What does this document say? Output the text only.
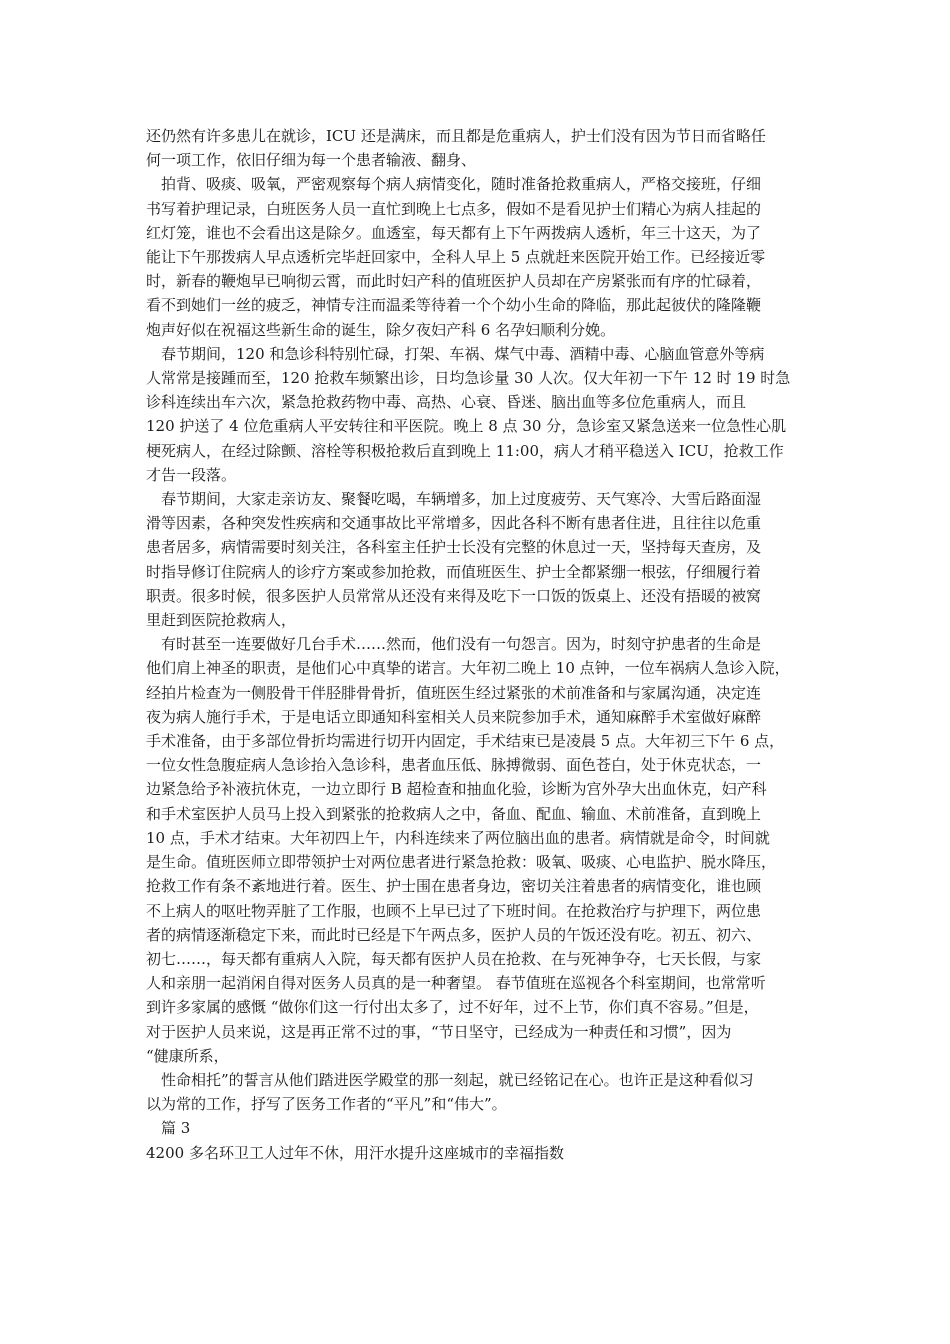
还仍然有许多患儿在就诊，ICU 还是满床，而且都是危重病人，护士们没有因为节日而省略任
何一项工作，依旧仔细为每一个患者输液、翻身、

　拍背、吸痰、吸氧，严密观察每个病人病情变化，随时准备抢救重病人，严格交接班，仔细
书写着护理记录，白班医务人员一直忙到晚上七点多，假如不是看见护士们精心为病人挂起的
红灯笼，谁也不会看出这是除夕。血透室，每天都有上下午两拨病人透析，年三十这天，为了
能让下午那拨病人早点透析完毕赶回家中，全科人早上 5 点就赶来医院开始工作。已经接近零
时，新春的鞭炮早已响彻云霄，而此时妇产科的值班医护人员却在产房紧张而有序的忙碌着，
看不到她们一丝的疲乏，神情专注而温柔等待着一个个幼小生命的降临，那此起彼伏的隆隆鞭
炮声好似在祝福这些新生命的诞生，除夕夜妇产科 6 名孕妇顺利分娩。

　春节期间，120 和急诊科特别忙碌，打架、车祸、煤气中毒、酒精中毒、心脑血管意外等病
人常常是接踵而至，120 抢救车频繁出诊，日均急诊量 30 人次。仅大年初一下午 12 时 19 时急
诊科连续出车六次，紧急抢救药物中毒、高热、心衰、昏迷、脑出血等多位危重病人，而且
120 护送了 4 位危重病人平安转往和平医院。晚上 8 点 30 分，急诊室又紧急送来一位急性心肌
梗死病人，在经过除颤、溶栓等积极抢救后直到晚上 11:00，病人才稍平稳送入 ICU，抢救工作
才告一段落。

　春节期间，大家走亲访友、聚餐吃喝，车辆增多，加上过度疲劳、天气寒冷、大雪后路面湿
滑等因素，各种突发性疾病和交通事故比平常增多，因此各科不断有患者住进，且往往以危重
患者居多，病情需要时刻关注，各科室主任护士长没有完整的休息过一天，坚持每天查房，及
时指导修订住院病人的诊疗方案或参加抢救，而值班医生、护士全都紧绷一根弦，仔细履行着
职责。很多时候，很多医护人员常常从还没有来得及吃下一口饭的饭桌上、还没有捂暖的被窝
里赶到医院抢救病人，

　有时甚至一连要做好几台手术……然而，他们没有一句怨言。因为，时刻守护患者的生命是
他们肩上神圣的职责，是他们心中真挚的诺言。大年初二晚上 10 点钟，一位车祸病人急诊入院，
经拍片检查为一侧股骨干伴胫腓骨骨折，值班医生经过紧张的术前准备和与家属沟通，决定连
夜为病人施行手术，于是电话立即通知科室相关人员来院参加手术，通知麻醉手术室做好麻醉
手术准备，由于多部位骨折均需进行切开内固定，手术结束已是凌晨 5 点。大年初三下午 6 点，
一位女性急腹症病人急诊抬入急诊科，患者血压低、脉搏微弱、面色苍白，处于休克状态，一
边紧急给予补液抗休克，一边立即行 B 超检查和抽血化验，诊断为宫外孕大出血休克，妇产科
和手术室医护人员马上投入到紧张的抢救病人之中，备血、配血、输血、术前准备，直到晚上
10 点，手术才结束。大年初四上午，内科连续来了两位脑出血的患者。病情就是命令，时间就
是生命。值班医师立即带领护士对两位患者进行紧急抢救：吸氧、吸痰、心电监护、脱水降压，
抢救工作有条不紊地进行着。医生、护士围在患者身边，密切关注着患者的病情变化，谁也顾
不上病人的呕吐物弄脏了工作服，也顾不上早已过了下班时间。在抢救治疗与护理下，两位患
者的病情逐渐稳定下来，而此时已经是下午两点多，医护人员的午饭还没有吃。初五、初六、
初七……，每天都有重病人入院，每天都有医护人员在抢救、在与死神争夺，七天长假，与家
人和亲朋一起消闲自得对医务人员真的是一种奢望。 春节值班在巡视各个科室期间，也常常听
到许多家属的感慨 “做你们这一行付出太多了，过不好年，过不上节，你们真不容易。”但是，
对于医护人员来说，这是再正常不过的事，“节日坚守，已经成为一种责任和习惯”，因为
“健康所系，

　性命相托”的誓言从他们踏进医学殿堂的那一刻起，就已经铭记在心。也许正是这种看似习
以为常的工作，抒写了医务工作者的“平凡”和“伟大”。

　篇 3

4200 多名环卫工人过年不休，用汗水提升这座城市的幸福指数
